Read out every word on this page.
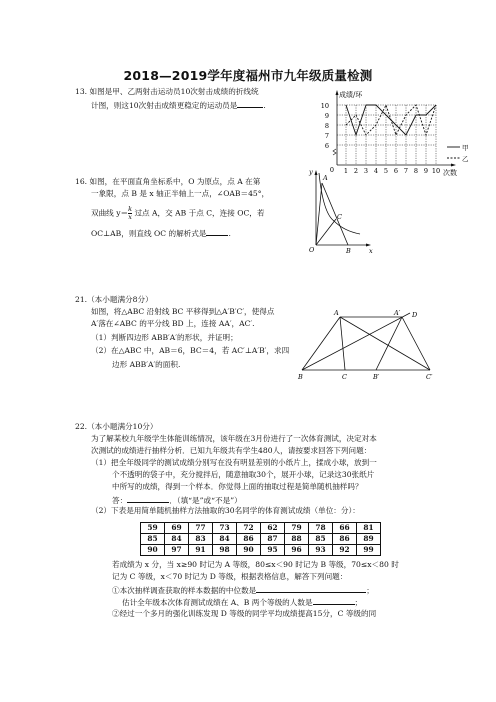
2018—2019学年度福州市九年级质量检测
13. 如图是甲、乙两射击运动员10次射击成绩的折线统
计图，则这10次射击成绩更稳定的运动员是	.
成绩/环
次数
10
9
8
7
6
0 1 2 3 4 5 6 7 8 9 10
甲
乙
16. 如图，在平面直角坐标系中，O 为原点，点 A 在第
一象限，点 B 是 x 轴正半轴上一点，∠OAB＝45°，
双曲线 $y= \frac{k}{x}$ 过点 A，交 AB 于点 C，连接 OC，若
OC⊥AB，则直线 OC 的解析式是	.
y
A
C
O	B	x
21.（本小题满分8分）
如图，将△ABC 沿射线 BC 平移得到△A′B′C′，使得点
A′落在∠ABC 的平分线 BD 上，连接 AA′，AC′.
（1）判断四边形 ABB′A′的形状，并证明；
（2）在△ABC 中，AB＝6，BC＝4，若 AC′⊥A′B′，求四
边形 ABB′A′的面积.
A	A′ D
B	C	B′	C′
22.（本小题满分10分）
为了解某校九年级学生体能训练情况，该年级在3月份进行了一次体育测试，决定对本
次测试的成绩进行抽样分析．已知九年级共有学生480人，请按要求回答下列问题：
（1）把全年级同学的测试成绩分别写在没有明显差别的小纸片上，揉成小球，放到一
个不透明的袋子中，充分搅拌后，随意抽取30个，展开小球，记录这30张纸片
中所写的成绩，得到一个样本．你觉得上面的抽取过程是简单随机抽样吗？
答：	．（填“是”或“不是”）
（2）下表是用简单随机抽样方法抽取的30名同学的体育测试成绩（单位：分）：
59	69	77	73	72	62	79	78	66	81
85	84	83	84	86	87	88	85	86	89
90	97	91	98	90	95	96	93	92	99
若成绩为 x 分，当 x≥90 时记为 A 等级，80≤x＜90 时记为 B 等级，70≤x＜80 时
记为 C 等级，x＜70 时记为 D 等级，根据表格信息，解答下列问题：
①本次抽样调查获取的样本数据的中位数是	；
估计全年级本次体育测试成绩在 A、B 两个等级的人数是	；
②经过一个多月的强化训练发现 D 等级的同学平均成绩提高15分，C 等级的同
